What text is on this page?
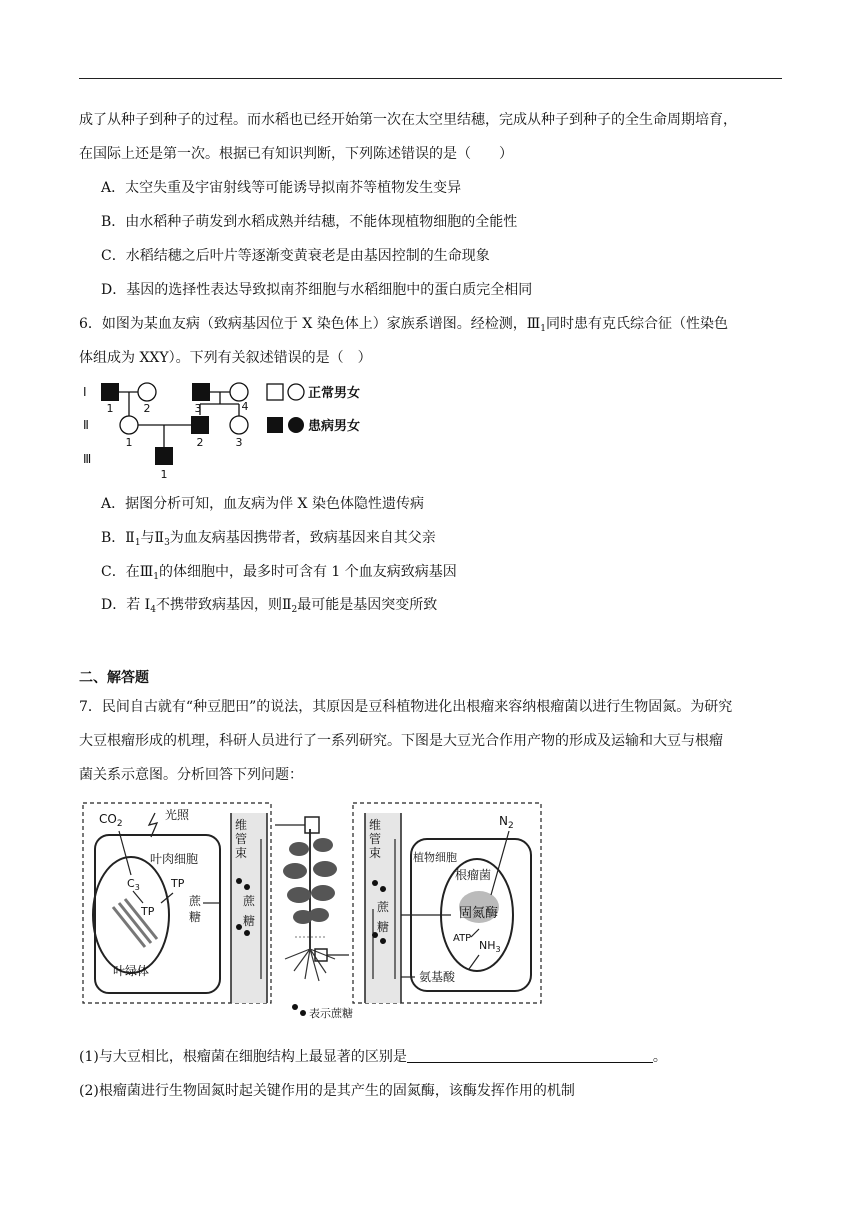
成了从种子到种子的过程。而水稻也已经开始第一次在太空里结穗，完成从种子到种子的全生命周期培育，
在国际上还是第一次。根据已有知识判断，下列陈述错误的是（　　）
A．太空失重及宇宙射线等可能诱导拟南芥等植物发生变异
B．由水稻种子萌发到水稻成熟并结穗，不能体现植物细胞的全能性
C．水稻结穗之后叶片等逐渐变黄衰老是由基因控制的生命现象
D．基因的选择性表达导致拟南芥细胞与水稻细胞中的蛋白质完全相同
6．如图为某血友病（致病基因位于 X 染色体上）家族系谱图。经检测，$Ⅲ_1$同时患有克氏综合征（性染色
体组成为 XXY）。下列有关叙述错误的是（　）
Ⅰ
Ⅱ
Ⅲ
1	2	3	4
1	2	3
1
正常男女
患病男女
A．据图分析可知，血友病为伴 X 染色体隐性遗传病
B．$Ⅱ_1$与$Ⅱ_3$为血友病基因携带者，致病基因来自其父亲
C．在$Ⅲ_1$的体细胞中，最多时可含有 1 个血友病致病基因
D．若 $I_4$不携带致病基因，则$Ⅱ_2$最可能是基因突变所致
二、解答题
7．民间自古就有“种豆肥田”的说法，其原因是豆科植物进化出根瘤来容纳根瘤菌以进行生物固氮。为研究
大豆根瘤形成的机理，科研人员进行了一系列研究。下图是大豆光合作用产物的形成及运输和大豆与根瘤
菌关系示意图。分析回答下列问题：
$CO_2$
光照
叶肉细胞
$C_3$
TP
TP
叶绿体
蔗
糖
维
管
束
蔗
糖
维
管
束
蔗
糖
植物细胞
根瘤菌
固氮酶
$N_2$
ATP
$NH_3$
氨基酸
表示蔗糖
(1)与大豆相比，根瘤菌在细胞结构上最显著的区别是	。
(2)根瘤菌进行生物固氮时起关键作用的是其产生的固氮酶，该酶发挥作用的机制
